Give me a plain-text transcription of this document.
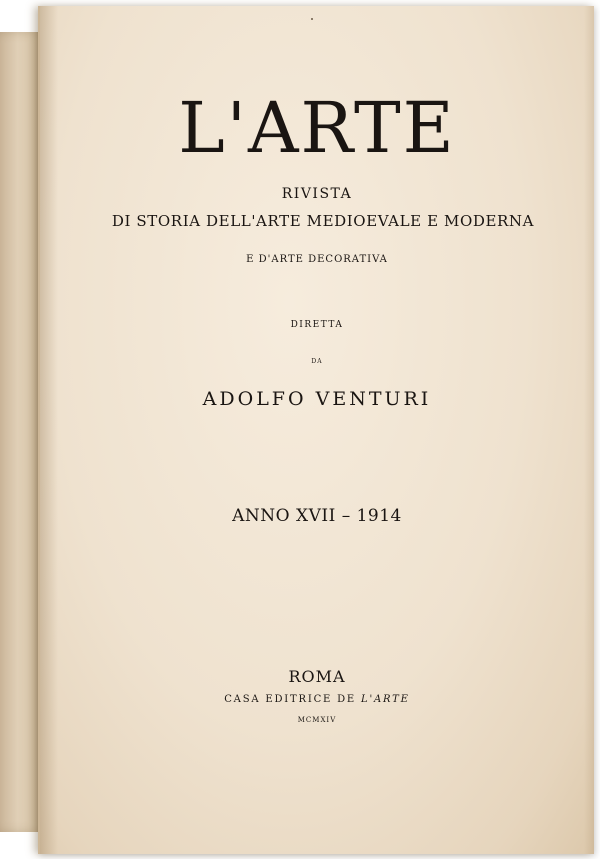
L'ARTE
RIVISTA
DI STORIA DELL'ARTE MEDIOEVALE E MODERNA
E D'ARTE DECORATIVA
DIRETTA
DA
ADOLFO VENTURI
ANNO XVII – 1914
ROMA
CASA EDITRICE DE L'ARTE
MCMXIV
